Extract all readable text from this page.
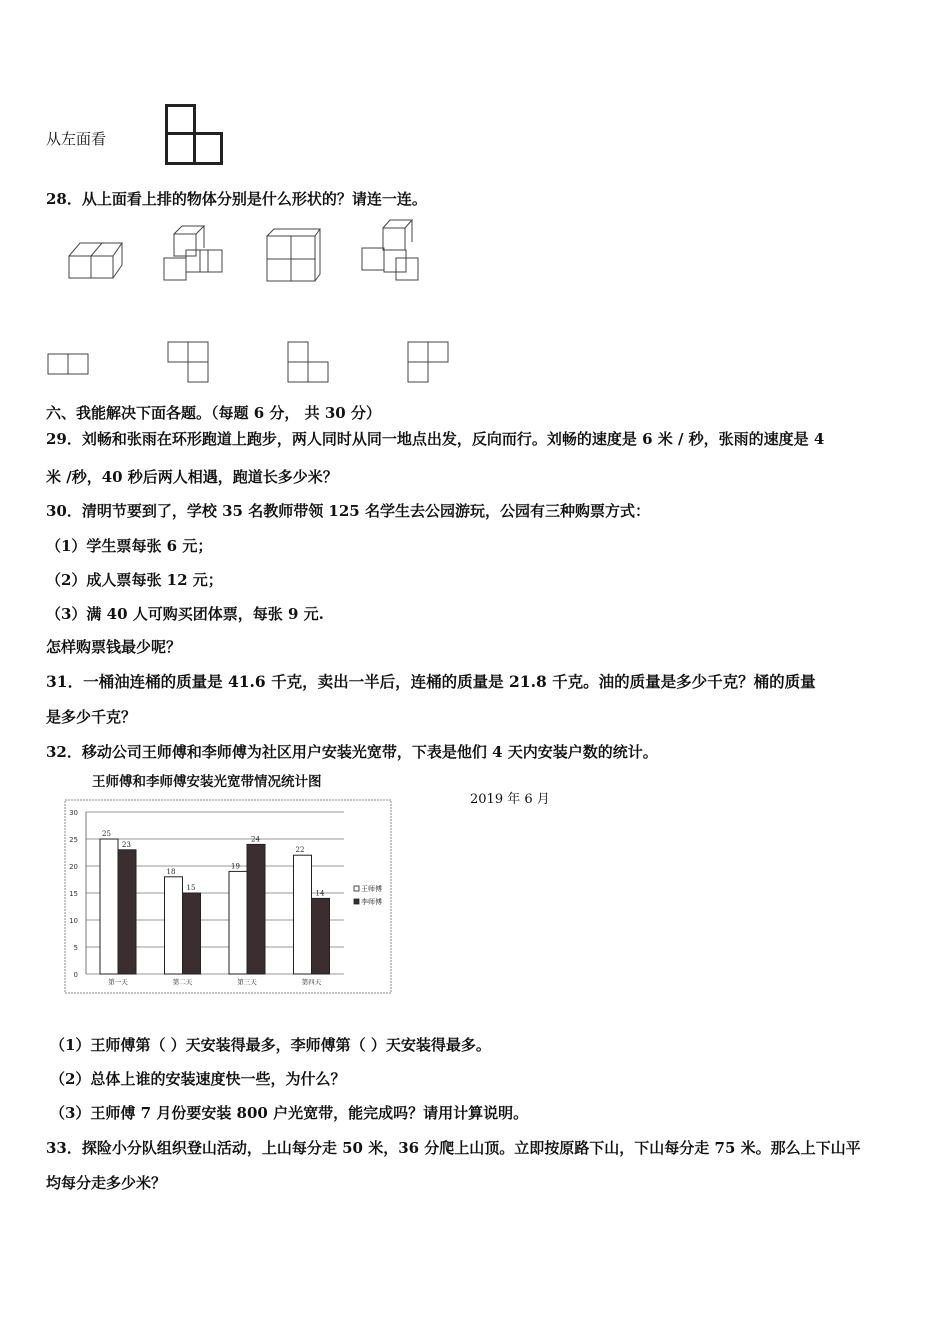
从左面看
28．从上面看上排的物体分别是什么形状的？请连一连。
六、我能解决下面各题。（每题 6 分， 共 30 分）
29．刘畅和张雨在环形跑道上跑步，两人同时从同一地点出发，反向而行。刘畅的速度是 6 米 / 秒，张雨的速度是 4
米 /秒，40 秒后两人相遇，跑道长多少米？
30．清明节要到了，学校 35 名教师带领 125 名学生去公园游玩，公园有三种购票方式：
（1）学生票每张 6 元；
（2）成人票每张 12 元；
（3）满 40 人可购买团体票，每张 9 元.
怎样购票钱最少呢？
31．一桶油连桶的质量是 41.6 千克，卖出一半后，连桶的质量是 21.8 千克。油的质量是多少千克？桶的质量
是多少千克？
32．移动公司王师傅和李师傅为社区用户安装光宽带，下表是他们 4 天内安装户数的统计。
王师傅和李师傅安装光宽带情况统计图
2019 年 6 月
25
23
18
15
19
24
22
14
0
5
10
15
20
25
30
第一天	第二天	第三天	第四天
王师傅
李师傅
（1）王师傅第（ ）天安装得最多，李师傅第（ ）天安装得最多。
（2）总体上谁的安装速度快一些，为什么？
（3）王师傅 7 月份要安装 800 户光宽带，能完成吗？请用计算说明。
33．探险小分队组织登山活动，上山每分走 50 米，36 分爬上山顶。立即按原路下山，下山每分走 75 米。那么上下山平
均每分走多少米？
